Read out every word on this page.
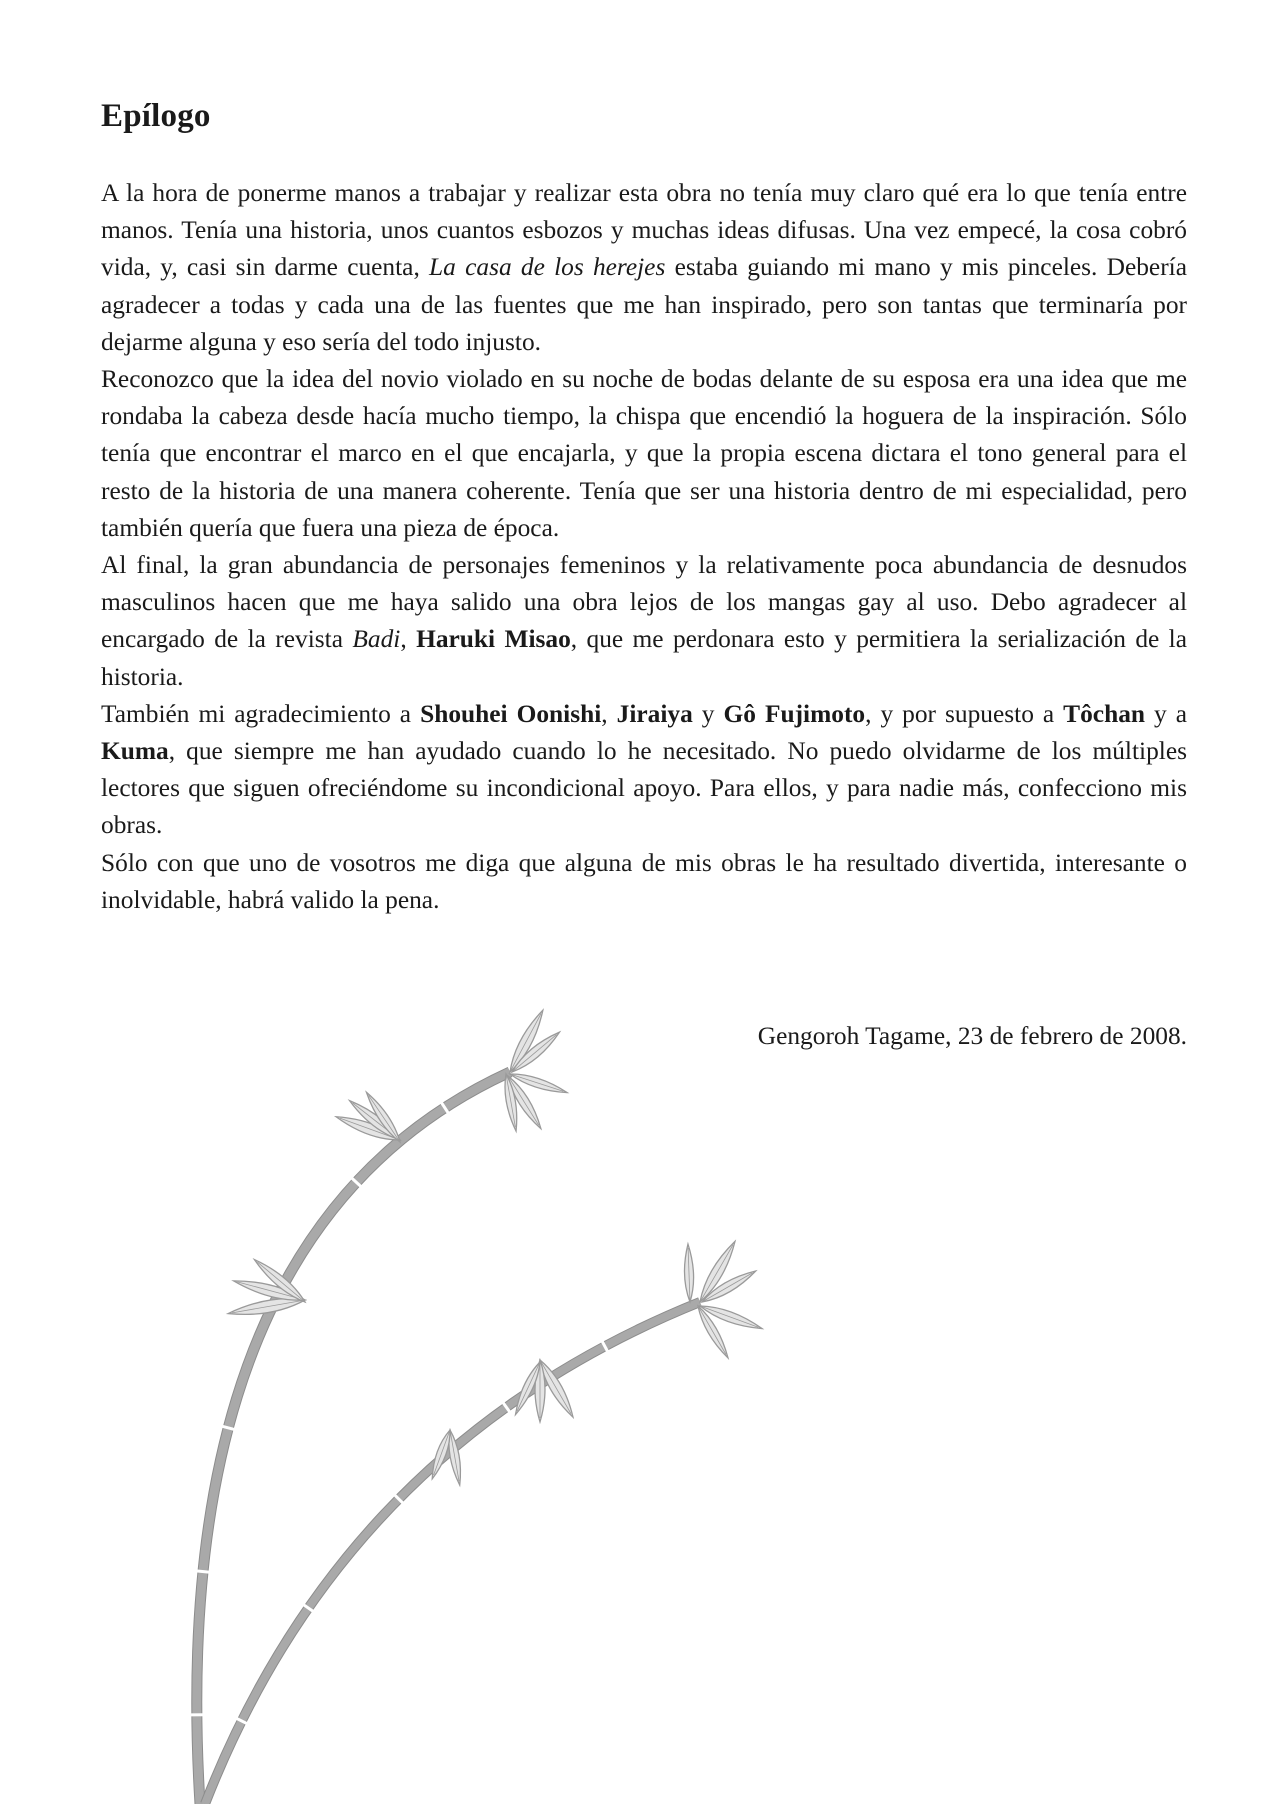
Epílogo

A la hora de ponerme manos a trabajar y realizar esta obra no tenía muy claro qué era lo que tenía entre manos. Tenía una historia, unos cuantos esbozos y muchas ideas difusas. Una vez empecé, la cosa cobró vida, y, casi sin darme cuenta, La casa de los herejes estaba guiando mi mano y mis pinceles. Debería agradecer a todas y cada una de las fuentes que me han inspirado, pero son tantas que terminaría por dejarme alguna y eso sería del todo injusto.

Reconozco que la idea del novio violado en su noche de bodas delante de su esposa era una idea que me rondaba la cabeza desde hacía mucho tiempo, la chispa que encendió la hoguera de la inspiración. Sólo tenía que encontrar el marco en el que encajarla, y que la propia escena dictara el tono general para el resto de la historia de una manera coherente. Tenía que ser una historia dentro de mi especialidad, pero también quería que fuera una pieza de época.

Al final, la gran abundancia de personajes femeninos y la relativamente poca abundancia de desnudos masculinos hacen que me haya salido una obra lejos de los mangas gay al uso. Debo agradecer al encargado de la revista Badi, Haruki Misao, que me perdonara esto y permitiera la serialización de la historia.

También mi agradecimiento a Shouhei Oonishi, Jiraiya y Gô Fujimoto, y por supuesto a Tôchan y a Kuma, que siempre me han ayudado cuando lo he necesitado. No puedo olvidarme de los múltiples lectores que siguen ofreciéndome su incondicional apoyo. Para ellos, y para nadie más, confecciono mis obras.

Sólo con que uno de vosotros me diga que alguna de mis obras le ha resultado divertida, interesante o inolvidable, habrá valido la pena.

Gengoroh Tagame, 23 de febrero de 2008.
